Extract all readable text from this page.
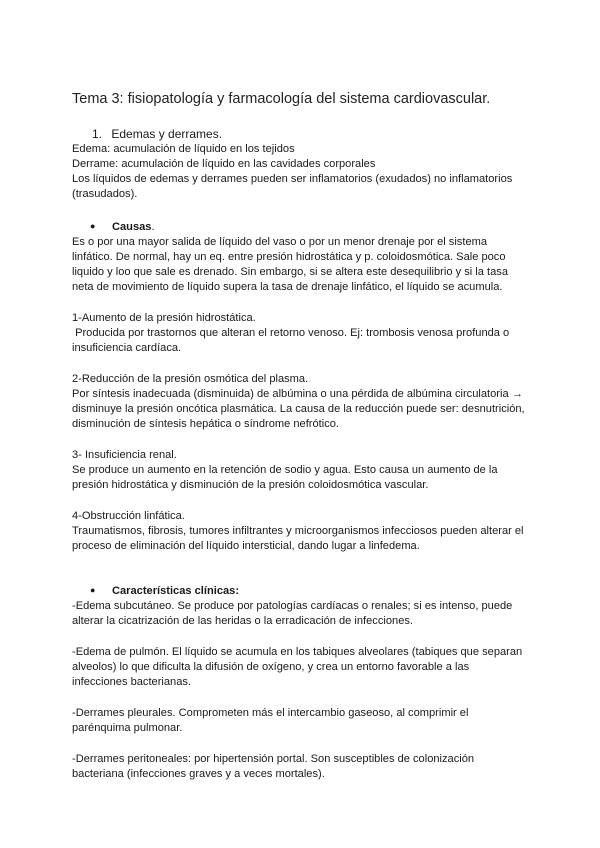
Tema 3: fisiopatología y farmacología del sistema cardiovascular.
1. Edemas y derrames.
Edema: acumulación de líquido en los tejidos
Derrame: acumulación de líquido en las cavidades corporales
Los líquidos de edemas y derrames pueden ser inflamatorios (exudados) no inflamatorios
(trasudados).
● Causas.
Es o por una mayor salida de líquido del vaso o por un menor drenaje por el sistema
linfático. De normal, hay un eq. entre presión hidrostática y p. coloidosmótica. Sale poco
liquido y loo que sale es drenado. Sin embargo, si se altera este desequilibrio y si la tasa
neta de movimiento de líquido supera la tasa de drenaje linfático, el líquido se acumula.
1-Aumento de la presión hidrostática.
Producida por trastornos que alteran el retorno venoso. Ej: trombosis venosa profunda o
insuficiencia cardíaca.
2-Reducción de la presión osmótica del plasma.
Por síntesis inadecuada (disminuida) de albúmina o una pérdida de albúmina circulatoria →
disminuye la presión oncótica plasmática. La causa de la reducción puede ser: desnutrición,
disminución de síntesis hepática o síndrome nefrótico.
3- Insuficiencia renal.
Se produce un aumento en la retención de sodio y agua. Esto causa un aumento de la
presión hidrostática y disminución de la presión coloidosmótica vascular.
4-Obstrucción linfática.
Traumatismos, fibrosis, tumores infiltrantes y microorganismos infecciosos pueden alterar el
proceso de eliminación del líquido intersticial, dando lugar a linfedema.
● Características clínicas:
-Edema subcutáneo. Se produce por patologías cardíacas o renales; si es intenso, puede
alterar la cicatrización de las heridas o la erradicación de infecciones.
-Edema de pulmón. El líquido se acumula en los tabiques alveolares (tabiques que separan
alveolos) lo que dificulta la difusión de oxígeno, y crea un entorno favorable a las
infecciones bacterianas.
-Derrames pleurales. Comprometen más el intercambio gaseoso, al comprimir el
parénquima pulmonar.
-Derrames peritoneales: por hipertensión portal. Son susceptibles de colonización
bacteriana (infecciones graves y a veces mortales).
